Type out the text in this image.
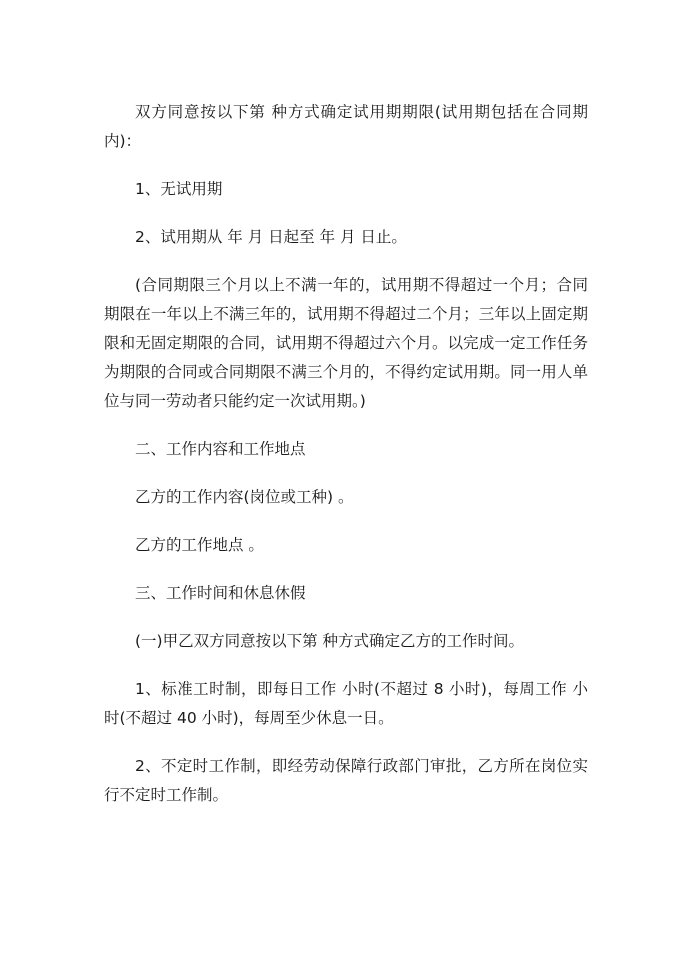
双方同意按以下第 种方式确定试用期期限(试用期包括在合同期内)：

1、无试用期

2、试用期从 年 月 日起至 年 月 日止。

(合同期限三个月以上不满一年的，试用期不得超过一个月；合同期限在一年以上不满三年的，试用期不得超过二个月；三年以上固定期限和无固定期限的合同，试用期不得超过六个月。以完成一定工作任务为期限的合同或合同期限不满三个月的，不得约定试用期。同一用人单位与同一劳动者只能约定一次试用期。)

二、工作内容和工作地点

乙方的工作内容(岗位或工种) 。

乙方的工作地点 。

三、工作时间和休息休假

(一)甲乙双方同意按以下第 种方式确定乙方的工作时间。

1、标准工时制，即每日工作 小时(不超过 8 小时)，每周工作 小时(不超过 40 小时)，每周至少休息一日。

2、不定时工作制，即经劳动保障行政部门审批，乙方所在岗位实行不定时工作制。
